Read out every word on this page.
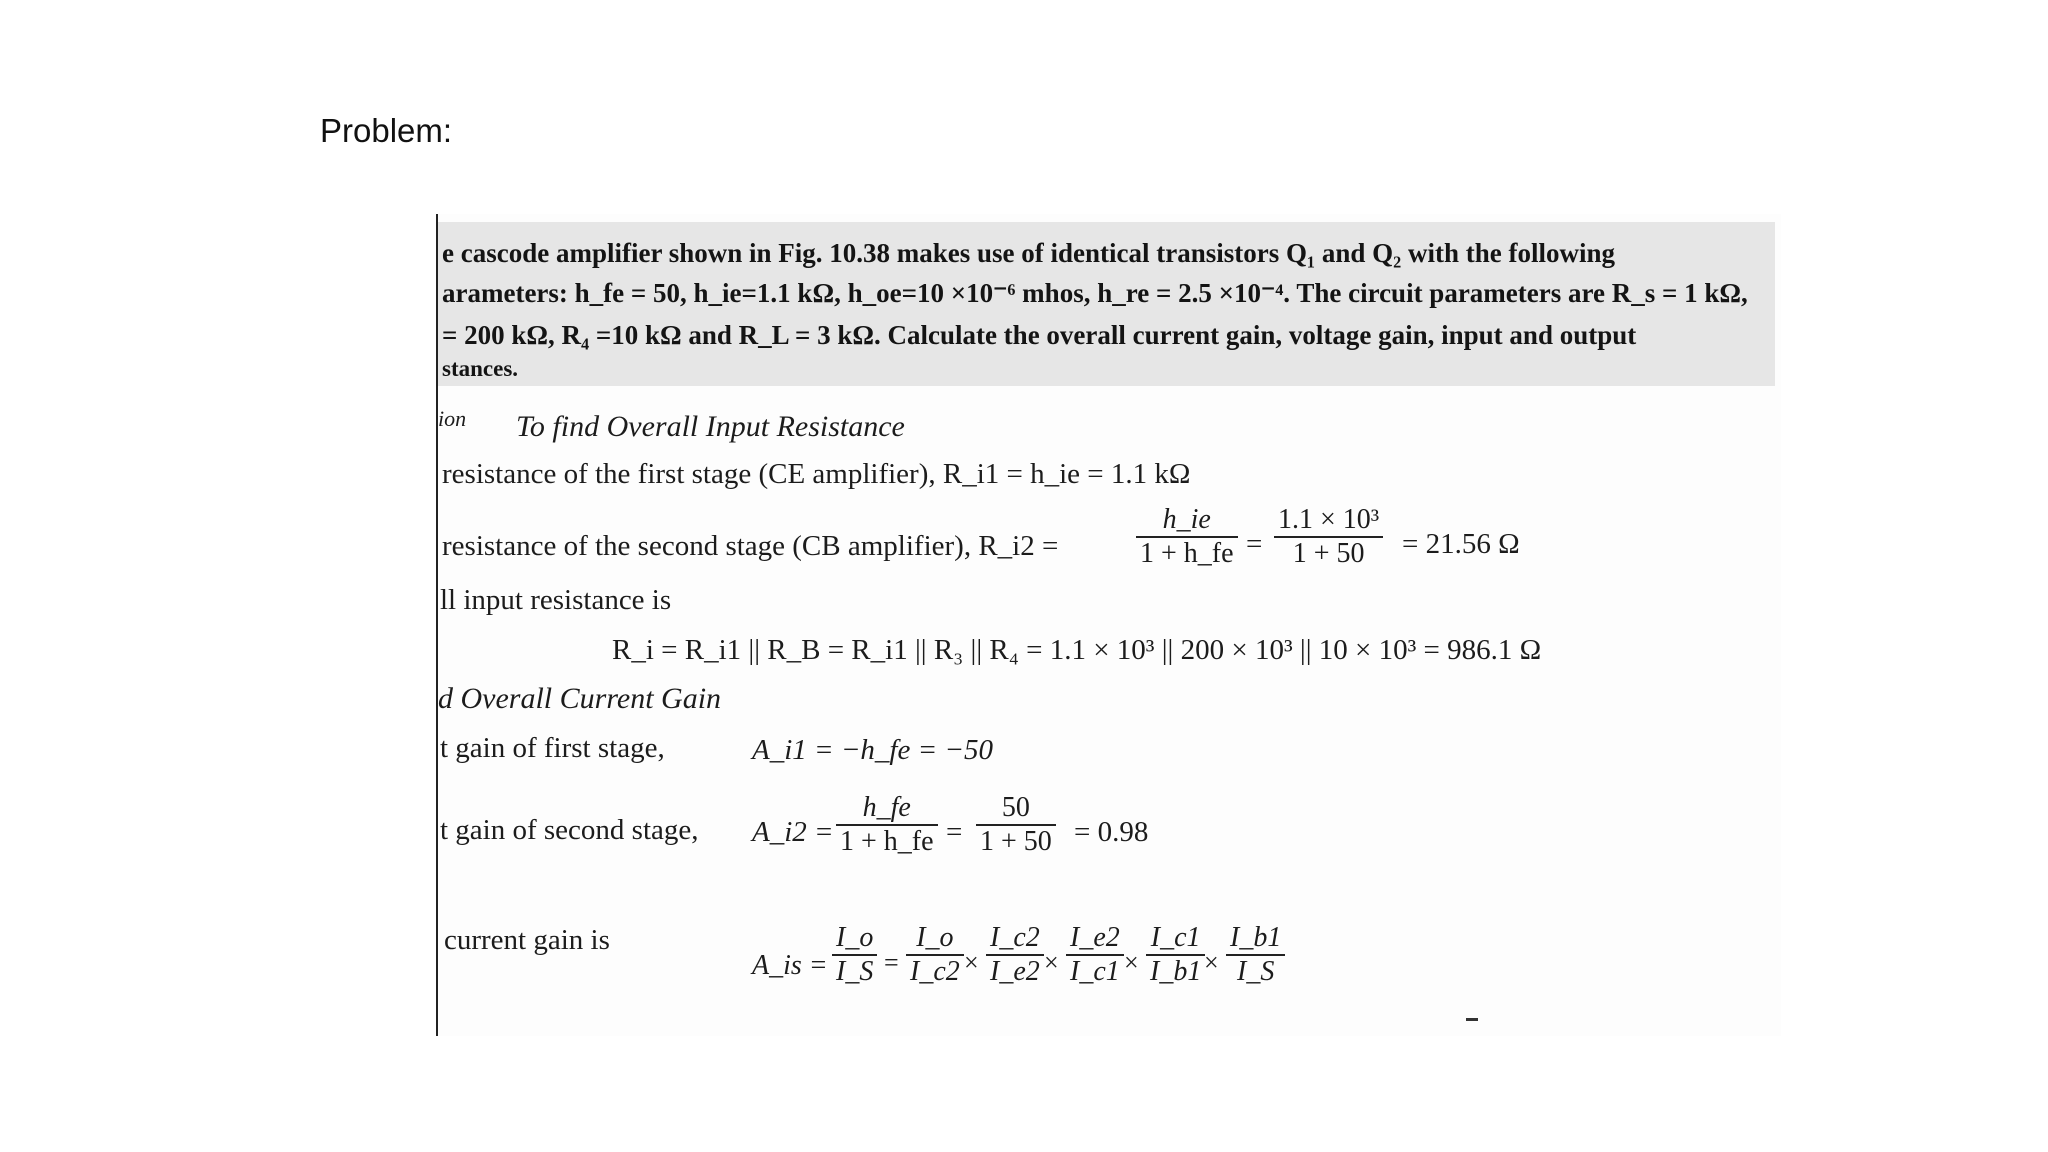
Problem:
e cascode amplifier shown in Fig. 10.38 makes use of identical transistors Q₁ and Q₂ with the following
arameters: h_fe = 50, h_ie=1.1 kΩ, h_oe=10 ×10⁻⁶ mhos, h_re = 2.5 ×10⁻⁴. The circuit parameters are R_s = 1 kΩ,
= 200 kΩ, R₄ =10 kΩ and R_L = 3 kΩ. Calculate the overall current gain, voltage gain, input and output
stances.
ion To find Overall Input Resistance
resistance of the first stage (CE amplifier), R_i1 = h_ie = 1.1 kΩ
resistance of the second stage (CB amplifier), R_i2 =	$\frac{h\_ie}{1 + h\_fe} = \frac{\text{1.1 × 10³}}{1 + 50} = 21.56$ Ω
ll input resistance is
R_i = R_i1 || R_B = R_i1 || R₃ || R₄ = 1.1 × 10³ || 200 × 10³ || 10 × 10³ = 986.1 Ω
d Overall Current Gain
t gain of first stage,	A_i1 = −h_fe = −50
t gain of second stage, A_i2 = $\frac{h\_fe}{1 + h\_fe} = \frac{50}{1 + 50} = 0.98$
current gain is
A_is = $\frac{I\_o}{I\_S} = \frac{I\_o}{I\_c2} \times \frac{I\_c2}{I\_e2} \times \frac{I\_e2}{I\_c1} \times \frac{I\_c1}{I\_b1}$
× $\frac{I\_b1}{I\_S}$
